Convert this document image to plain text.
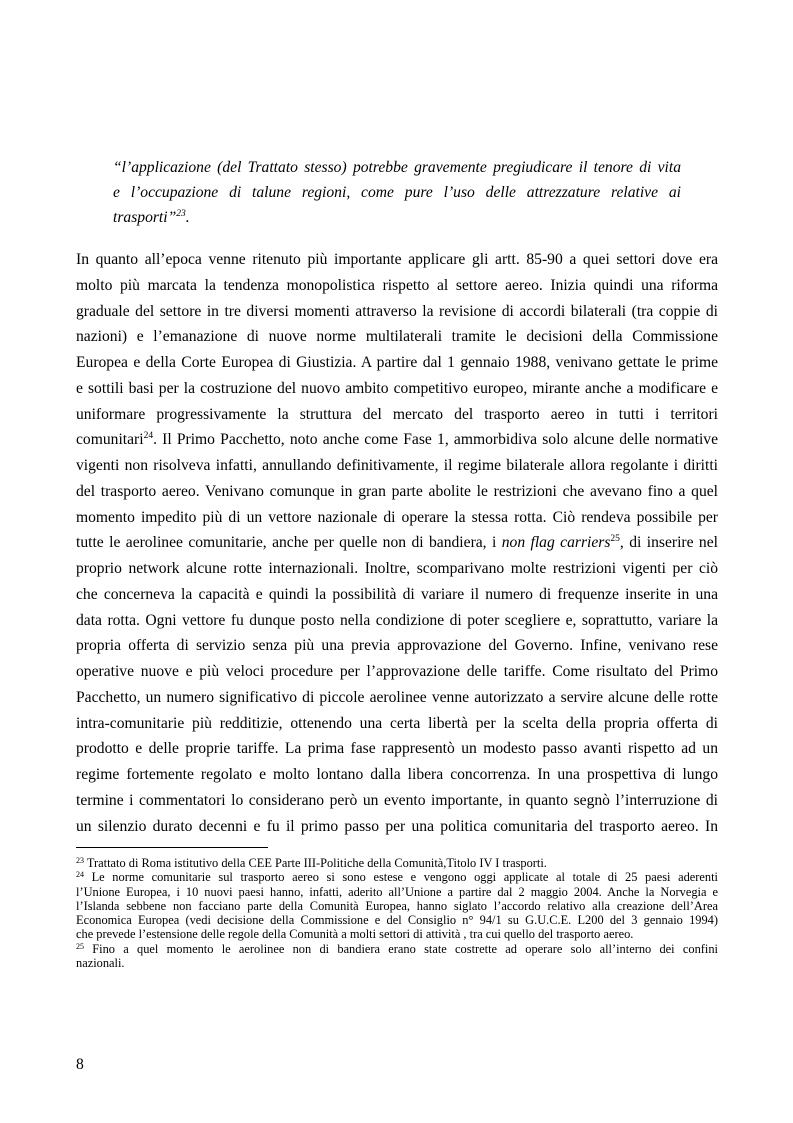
“l’applicazione (del Trattato stesso) potrebbe gravemente pregiudicare il tenore di vita
e l’occupazione di talune regioni, come pure l’uso delle attrezzature relative ai
trasporti”$^{23}$.
In quanto all’epoca venne ritenuto più importante applicare gli artt. 85-90 a quei settori dove era
molto più marcata la tendenza monopolistica rispetto al settore aereo. Inizia quindi una riforma
graduale del settore in tre diversi momenti attraverso la revisione di accordi bilaterali (tra coppie di
nazioni) e l’emanazione di nuove norme multilaterali tramite le decisioni della Commissione
Europea e della Corte Europea di Giustizia. A partire dal 1 gennaio 1988, venivano gettate le prime
e sottili basi per la costruzione del nuovo ambito competitivo europeo, mirante anche a modificare e
uniformare progressivamente la struttura del mercato del trasporto aereo in tutti i territori
comunitari$^{24}$. Il Primo Pacchetto, noto anche come Fase 1, ammorbidiva solo alcune delle normative
vigenti non risolveva infatti, annullando definitivamente, il regime bilaterale allora regolante i diritti
del trasporto aereo. Venivano comunque in gran parte abolite le restrizioni che avevano fino a quel
momento impedito più di un vettore nazionale di operare la stessa rotta. Ciò rendeva possibile per
tutte le aerolinee comunitarie, anche per quelle non di bandiera, i non flag carriers$^{25}$, di inserire nel
proprio network alcune rotte internazionali. Inoltre, scomparivano molte restrizioni vigenti per ciò
che concerneva la capacità e quindi la possibilità di variare il numero di frequenze inserite in una
data rotta. Ogni vettore fu dunque posto nella condizione di poter scegliere e, soprattutto, variare la
propria offerta di servizio senza più una previa approvazione del Governo. Infine, venivano rese
operative nuove e più veloci procedure per l’approvazione delle tariffe. Come risultato del Primo
Pacchetto, un numero significativo di piccole aerolinee venne autorizzato a servire alcune delle rotte
intra-comunitarie più redditizie, ottenendo una certa libertà per la scelta della propria offerta di
prodotto e delle proprie tariffe. La prima fase rappresentò un modesto passo avanti rispetto ad un
regime fortemente regolato e molto lontano dalla libera concorrenza. In una prospettiva di lungo
termine i commentatori lo considerano però un evento importante, in quanto segnò l’interruzione di
un silenzio durato decenni e fu il primo passo per una politica comunitaria del trasporto aereo. In
$^{23}$ Trattato di Roma istitutivo della CEE Parte III-Politiche della Comunità,Titolo IV I trasporti.
$^{24}$ Le norme comunitarie sul trasporto aereo si sono estese e vengono oggi applicate al totale di 25 paesi aderenti
l’Unione Europea, i 10 nuovi paesi hanno, infatti, aderito all’Unione a partire dal 2 maggio 2004. Anche la Norvegia e
l’Islanda sebbene non facciano parte della Comunità Europea, hanno siglato l’accordo relativo alla creazione dell’Area
Economica Europea (vedi decisione della Commissione e del Consiglio n° 94/1 su G.U.C.E. L200 del 3 gennaio 1994)
che prevede l’estensione delle regole della Comunità a molti settori di attività , tra cui quello del trasporto aereo.
$^{25}$ Fino a quel momento le aerolinee non di bandiera erano state costrette ad operare solo all’interno dei confini
nazionali.
8
